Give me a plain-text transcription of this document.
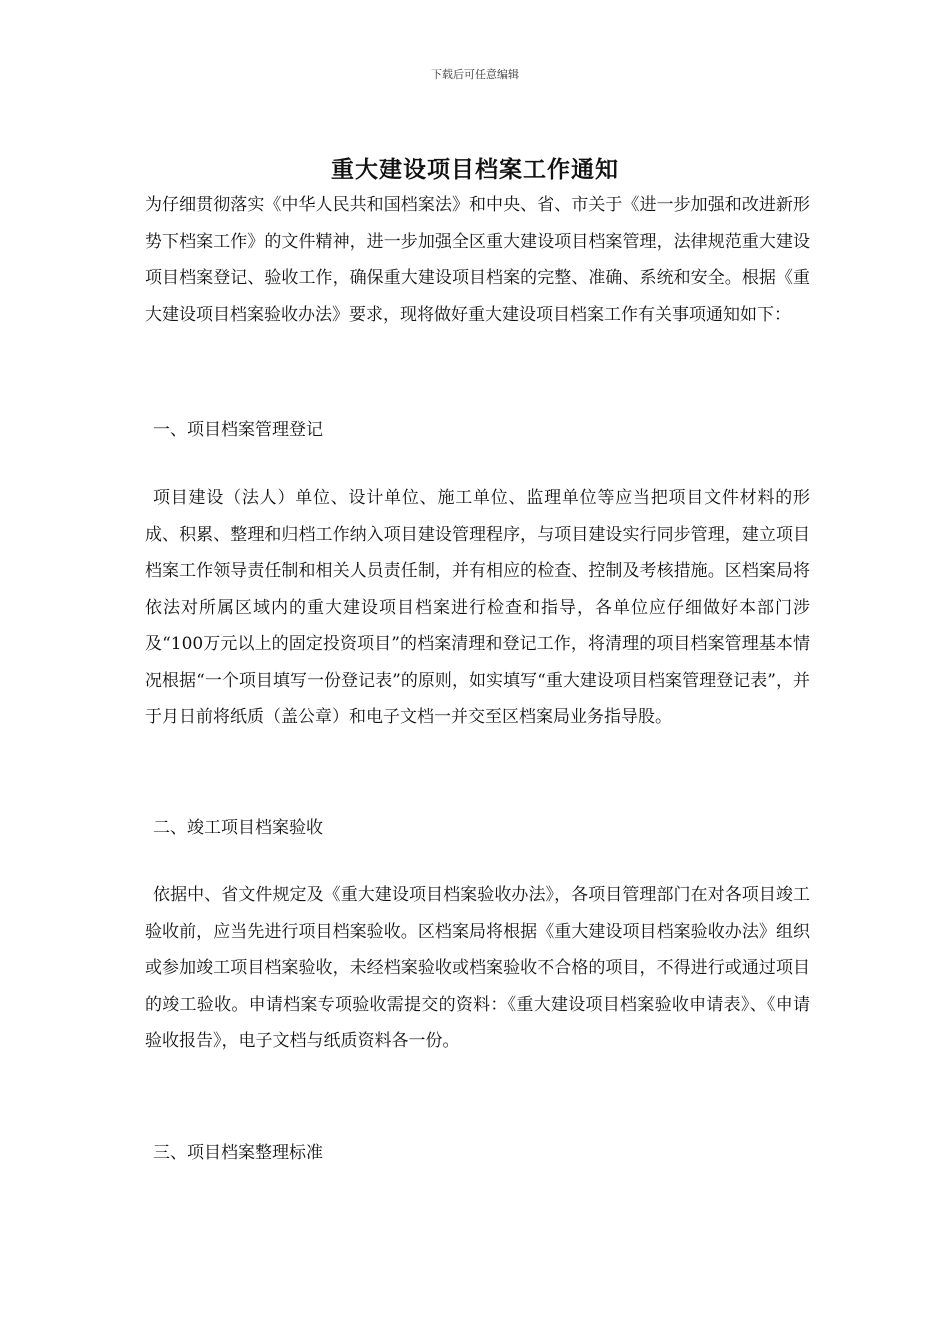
下载后可任意编辑
重大建设项目档案工作通知
为仔细贯彻落实《中华人民共和国档案法》和中央、省、市关于《进一步加强和改进新形势下档案工作》的文件精神，进一步加强全区重大建设项目档案管理，法律规范重大建设项目档案登记、验收工作，确保重大建设项目档案的完整、准确、系统和安全。根据《重大建设项目档案验收办法》要求，现将做好重大建设项目档案工作有关事项通知如下：
一、项目档案管理登记
项目建设（法人）单位、设计单位、施工单位、监理单位等应当把项目文件材料的形成、积累、整理和归档工作纳入项目建设管理程序，与项目建设实行同步管理，建立项目档案工作领导责任制和相关人员责任制，并有相应的检查、控制及考核措施。区档案局将依法对所属区域内的重大建设项目档案进行检查和指导，各单位应仔细做好本部门涉及“100万元以上的固定投资项目”的档案清理和登记工作，将清理的项目档案管理基本情况根据“一个项目填写一份登记表”的原则，如实填写“重大建设项目档案管理登记表”，并于月日前将纸质（盖公章）和电子文档一并交至区档案局业务指导股。
二、竣工项目档案验收
依据中、省文件规定及《重大建设项目档案验收办法》，各项目管理部门在对各项目竣工验收前，应当先进行项目档案验收。区档案局将根据《重大建设项目档案验收办法》组织或参加竣工项目档案验收，未经档案验收或档案验收不合格的项目，不得进行或通过项目的竣工验收。申请档案专项验收需提交的资料：《重大建设项目档案验收申请表》、《申请验收报告》，电子文档与纸质资料各一份。
三、项目档案整理标准
